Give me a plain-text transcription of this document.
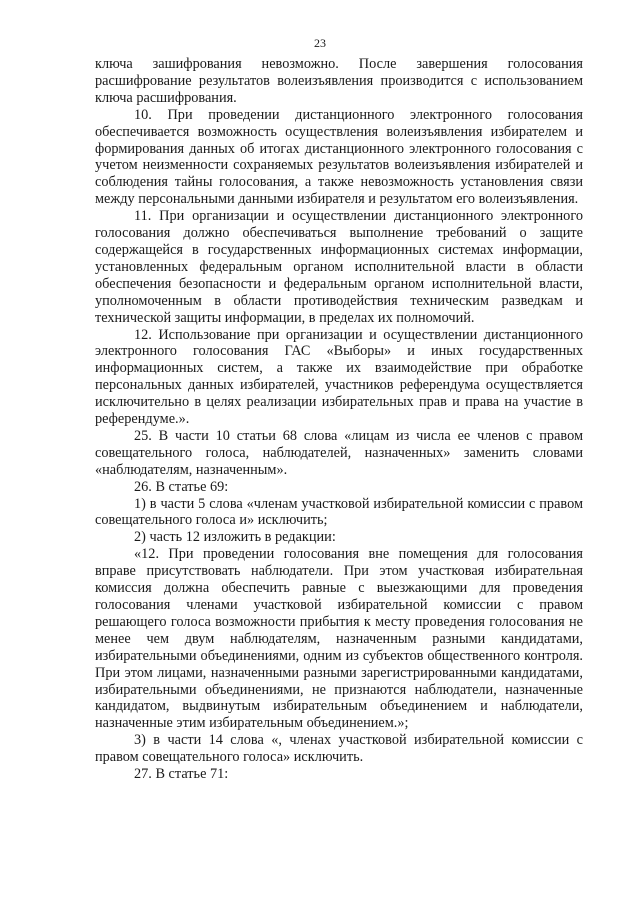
23

ключа зашифрования невозможно. После завершения голосования расшифрование результатов волеизъявления производится с использованием ключа расшифрования.

10. При проведении дистанционного электронного голосования обеспечивается возможность осуществления волеизъявления избирателем и формирования данных об итогах дистанционного электронного голосования с учетом неизменности сохраняемых результатов волеизъявления избирателей и соблюдения тайны голосования, а также невозможность установления связи между персональными данными избирателя и результатом его волеизъявления.

11. При организации и осуществлении дистанционного электронного голосования должно обеспечиваться выполнение требований о защите содержащейся в государственных информационных системах информации, установленных федеральным органом исполнительной власти в области обеспечения безопасности и федеральным органом исполнительной власти, уполномоченным в области противодействия техническим разведкам и технической защиты информации, в пределах их полномочий.

12. Использование при организации и осуществлении дистанционного электронного голосования ГАС «Выборы» и иных государственных информационных систем, а также их взаимодействие при обработке персональных данных избирателей, участников референдума осуществляется исключительно в целях реализации избирательных прав и права на участие в референдуме.».

25. В части 10 статьи 68 слова «лицам из числа ее членов с правом совещательного голоса, наблюдателей, назначенных» заменить словами «наблюдателям, назначенным».

26. В статье 69:

1) в части 5 слова «членам участковой избирательной комиссии с правом совещательного голоса и» исключить;

2) часть 12 изложить в редакции:

«12. При проведении голосования вне помещения для голосования вправе присутствовать наблюдатели. При этом участковая избирательная комиссия должна обеспечить равные с выезжающими для проведения голосования членами участковой избирательной комиссии с правом решающего голоса возможности прибытия к месту проведения голосования не менее чем двум наблюдателям, назначенным разными кандидатами, избирательными объединениями, одним из субъектов общественного контроля. При этом лицами, назначенными разными зарегистрированными кандидатами, избирательными объединениями, не признаются наблюдатели, назначенные кандидатом, выдвинутым избирательным объединением и наблюдатели, назначенные этим избирательным объединением.»;

3) в части 14 слова «, членах участковой избирательной комиссии с правом совещательного голоса» исключить.

27. В статье 71:
